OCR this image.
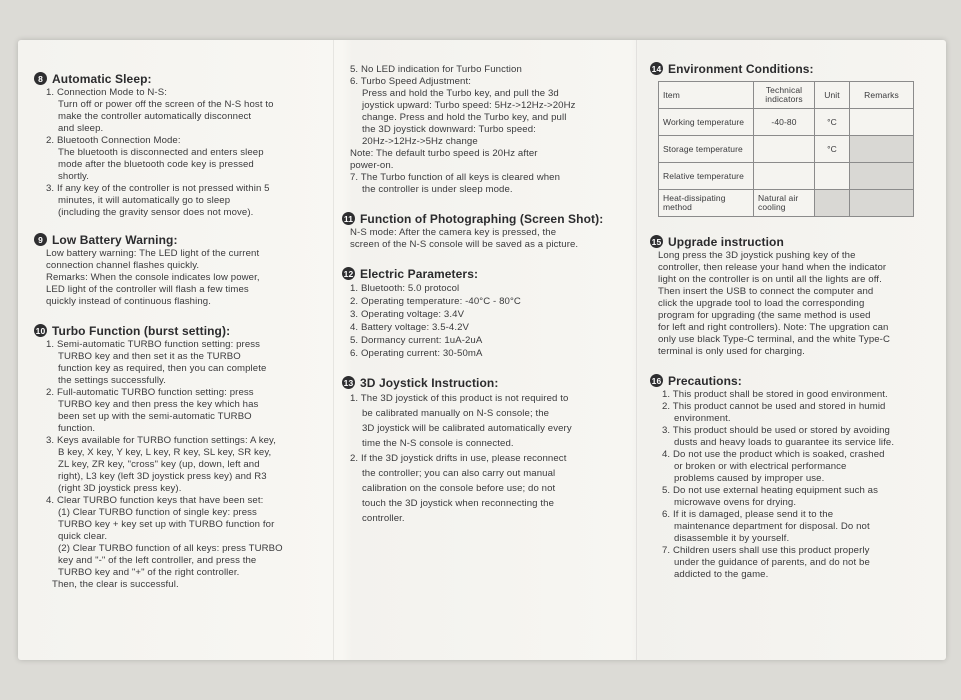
8 Automatic Sleep:
1. Connection Mode to N-S:
Turn off or power off the screen of the N-S host to
make the controller automatically disconnect
and sleep.
2. Bluetooth Connection Mode:
The bluetooth is disconnected and enters sleep
mode after the bluetooth code key is pressed
shortly.
3. If any key of the controller is not pressed within 5
minutes, it will automatically go to sleep
(including the gravity sensor does not move).
9 Low Battery Warning:
Low battery warning: The LED light of the current
connection channel flashes quickly.
Remarks: When the console indicates low power,
LED light of the controller will flash a few times
quickly instead of continuous flashing.
10 Turbo Function (burst setting):
1. Semi-automatic TURBO function setting: press
TURBO key and then set it as the TURBO
function key as required, then you can complete
the settings successfully.
2. Full-automatic TURBO function setting: press
TURBO key and then press the key which has
been set up with the semi-automatic TURBO
function.
3. Keys available for TURBO function settings: A key,
B key, X key, Y key, L key, R key, SL key, SR key,
ZL key, ZR key, "cross" key (up, down, left and
right), L3 key (left 3D joystick press key) and R3
(right 3D joystick press key).
4. Clear TURBO function keys that have been set:
(1) Clear TURBO function of single key: press
TURBO key + key set up with TURBO function for
quick clear.
(2) Clear TURBO function of all keys: press TURBO
key and "-" of the left controller, and press the
TURBO key and "+" of the right controller.
Then, the clear is successful.
5. No LED indication for Turbo Function
6. Turbo Speed Adjustment:
Press and hold the Turbo key, and pull the 3d
joystick upward: Turbo speed: 5Hz->12Hz->20Hz
change. Press and hold the Turbo key, and pull
the 3D joystick downward: Turbo speed:
20Hz->12Hz->5Hz change
Note: The default turbo speed is 20Hz after
power-on.
7. The Turbo function of all keys is cleared when
the controller is under sleep mode.
11 Function of Photographing (Screen Shot):
N-S mode: After the camera key is pressed, the
screen of the N-S console will be saved as a picture.
12 Electric Parameters:
1. Bluetooth: 5.0 protocol
2. Operating temperature: -40°C - 80°C
3. Operating voltage: 3.4V
4. Battery voltage: 3.5-4.2V
5. Dormancy current: 1uA-2uA
6. Operating current: 30-50mA
13 3D Joystick Instruction:
1. The 3D joystick of this product is not required to
be calibrated manually on N-S console; the
3D joystick will be calibrated automatically every
time the N-S console is connected.
2. If the 3D joystick drifts in use, please reconnect
the controller; you can also carry out manual
calibration on the console before use; do not
touch the 3D joystick when reconnecting the
controller.
14 Environment Conditions:
Item	Technical indicators	Unit	Remarks
Working temperature	-40-80	°C	
Storage temperature		°C	
Relative temperature			
Heat-dissipating method	Natural air cooling		
15 Upgrade instruction
Long press the 3D joystick pushing key of the
controller, then release your hand when the indicator
light on the controller is on until all the lights are off.
Then insert the USB to connect the computer and
click the upgrade tool to load the corresponding
program for upgrading (the same method is used
for left and right controllers). Note: The upgration can
only use black Type-C terminal, and the white Type-C
terminal is only used for charging.
16 Precautions:
1. This product shall be stored in good environment.
2. This product cannot be used and stored in humid
environment.
3. This product should be used or stored by avoiding
dusts and heavy loads to guarantee its service life.
4. Do not use the product which is soaked, crashed
or broken or with electrical performance
problems caused by improper use.
5. Do not use external heating equipment such as
microwave ovens for drying.
6. If it is damaged, please send it to the
maintenance department for disposal. Do not
disassemble it by yourself.
7. Children users shall use this product properly
under the guidance of parents, and do not be
addicted to the game.
